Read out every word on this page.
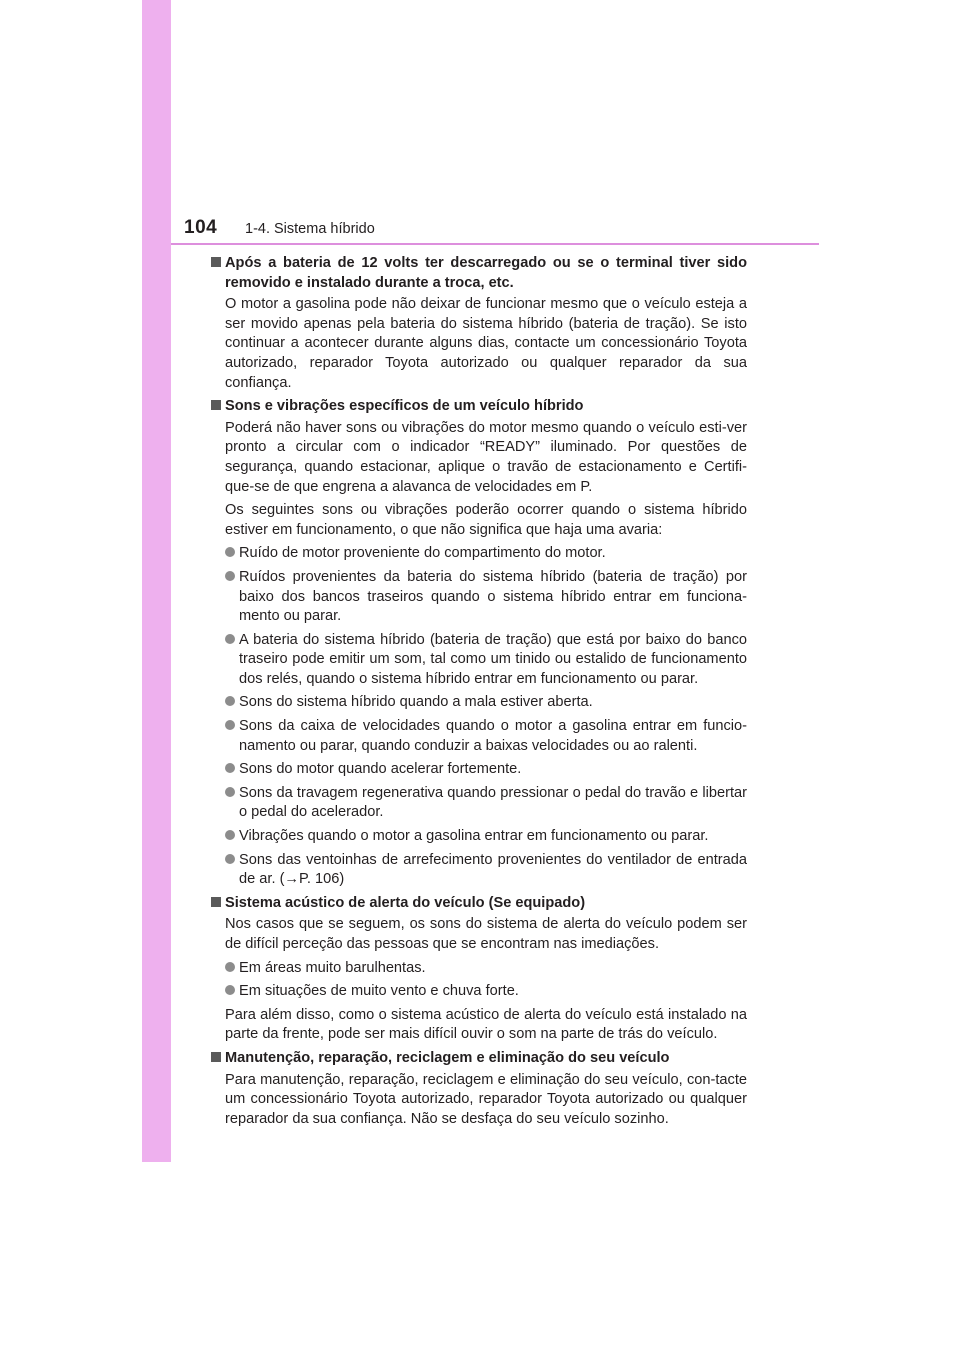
104 1-4. Sistema híbrido

Após a bateria de 12 volts ter descarregado ou se o terminal tiver sido removido e instalado durante a troca, etc.

O motor a gasolina pode não deixar de funcionar mesmo que o veículo esteja a ser movido apenas pela bateria do sistema híbrido (bateria de tração). Se isto continuar a acontecer durante alguns dias, contacte um concessionário Toyota autorizado, reparador Toyota autorizado ou qualquer reparador da sua confiança.

Sons e vibrações específicos de um veículo híbrido

Poderá não haver sons ou vibrações do motor mesmo quando o veículo esti-ver pronto a circular com o indicador “READY” iluminado. Por questões de segurança, quando estacionar, aplique o travão de estacionamento e Certifi-que-se de que engrena a alavanca de velocidades em P.

Os seguintes sons ou vibrações poderão ocorrer quando o sistema híbrido estiver em funcionamento, o que não significa que haja uma avaria:

Ruído de motor proveniente do compartimento do motor.

Ruídos provenientes da bateria do sistema híbrido (bateria de tração) por baixo dos bancos traseiros quando o sistema híbrido entrar em funciona-mento ou parar.

A bateria do sistema híbrido (bateria de tração) que está por baixo do banco traseiro pode emitir um som, tal como um tinido ou estalido de funcionamento dos relés, quando o sistema híbrido entrar em funcionamento ou parar.

Sons do sistema híbrido quando a mala estiver aberta.

Sons da caixa de velocidades quando o motor a gasolina entrar em funcio-namento ou parar, quando conduzir a baixas velocidades ou ao ralenti.

Sons do motor quando acelerar fortemente.

Sons da travagem regenerativa quando pressionar o pedal do travão e libertar o pedal do acelerador.

Vibrações quando o motor a gasolina entrar em funcionamento ou parar.

Sons das ventoinhas de arrefecimento provenientes do ventilador de entrada de ar. (→P. 106)

Sistema acústico de alerta do veículo (Se equipado)

Nos casos que se seguem, os sons do sistema de alerta do veículo podem ser de difícil perceção das pessoas que se encontram nas imediações.

Em áreas muito barulhentas.

Em situações de muito vento e chuva forte.

Para além disso, como o sistema acústico de alerta do veículo está instalado na parte da frente, pode ser mais difícil ouvir o som na parte de trás do veículo.

Manutenção, reparação, reciclagem e eliminação do seu veículo

Para manutenção, reparação, reciclagem e eliminação do seu veículo, con-tacte um concessionário Toyota autorizado, reparador Toyota autorizado ou qualquer reparador da sua confiança. Não se desfaça do seu veículo sozinho.
